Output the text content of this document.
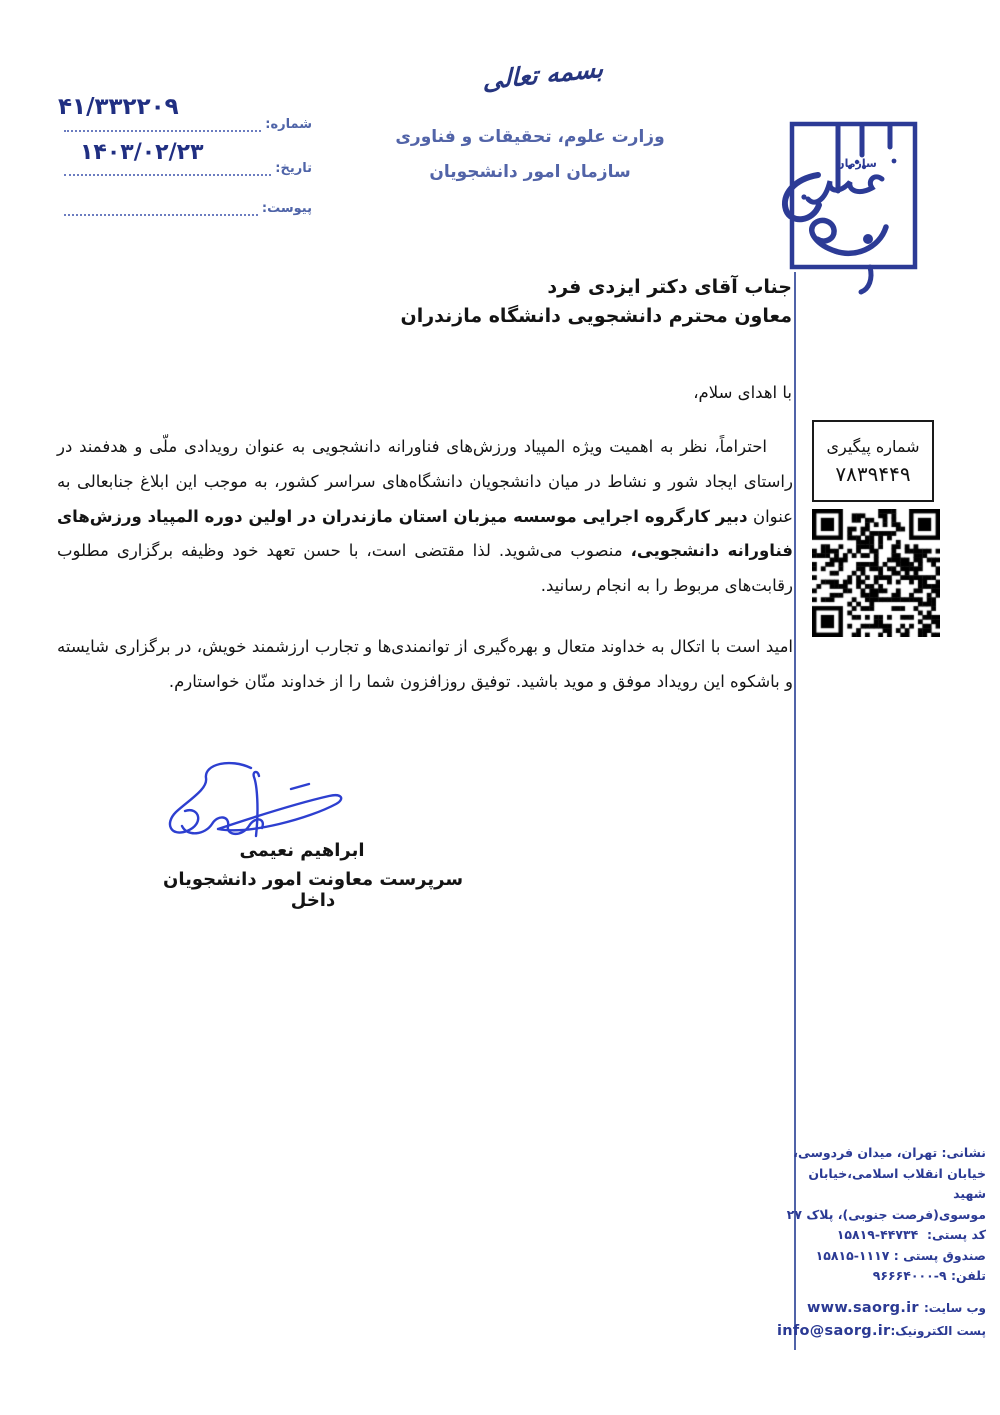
بسمه تعالی
وزارت علوم، تحقیقات و فناوری
سازمان امور دانشجویان
شماره:
تاریخ:
پیوست:
۴۱/۳۳۲۲۰۹
۱۴۰۳/۰۲/۲۳	سازمان
جناب آقای دکتر ایزدی فرد
معاون محترم دانشجویی دانشگاه مازندران
با اهدای سلام،
شماره پیگیری
۷۸۳۹۴۴۹

احتراماً، نظر به اهمیت ویژه المپیاد ورزش‌های فناورانه دانشجویی به عنوان رویدادی ملّی و هدفمند در راستای ایجاد شور و نشاط در میان دانشجویان دانشگاه‌های سراسر کشور، به موجب این ابلاغ جنابعالی به عنوان دبیر کارگروه اجرایی موسسه میزبان استان مازندران در اولین دوره المپیاد ورزش‌های فناورانه دانشجویی، منصوب می‌شوید. لذا مقتضی است، با حسن تعهد خود وظیفه برگزاری مطلوب رقابت‌های مربوط را به انجام رسانید.

امید است با اتکال به خداوند متعال و بهره‌گیری از توانمندی‌ها و تجارب ارزشمند خویش، در برگزاری شایسته و باشکوه این رویداد موفق و موید باشید. توفیق روزافزون شما را از خداوند منّان خواستارم.

ابراهیم نعیمی
سرپرست معاونت امور دانشجویان داخل
نشانی: تهران، میدان فردوسی،
خیابان انقلاب اسلامی،خیابان شهید
موسوی(فرصت جنوبی)، پلاک ۲۷
کد پستی:  ۱۵۸۱۹-۴۴۷۳۴
صندوق پستی : ۱۵۸۱۵-۱۱۱۷
تلفن: ۹۶۶۶۴۰۰۰-۹
وب سایت: www.saorg.ir
پست الکترونیک:info@saorg.ir
